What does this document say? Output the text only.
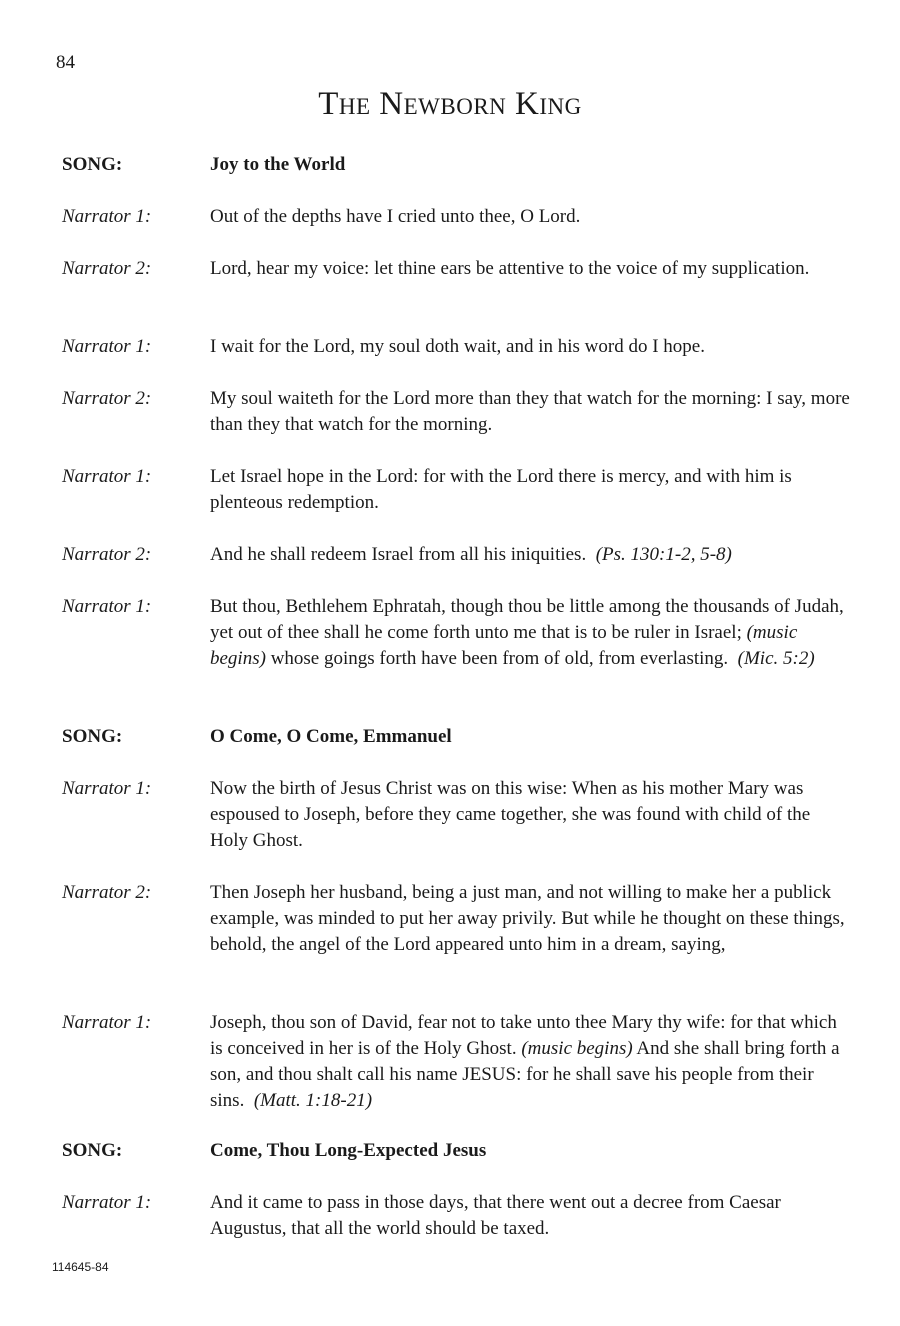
84
The Newborn King
SONG:	Joy to the World
Narrator 1:	Out of the depths have I cried unto thee, O Lord.
Narrator 2:	Lord, hear my voice: let thine ears be attentive to the voice of my supplication.
Narrator 1:	I wait for the Lord, my soul doth wait, and in his word do I hope.
Narrator 2:	My soul waiteth for the Lord more than they that watch for the morning: I say, more than they that watch for the morning.
Narrator 1:	Let Israel hope in the Lord: for with the Lord there is mercy, and with him is plenteous redemption.
Narrator 2:	And he shall redeem Israel from all his iniquities. (Ps. 130:1-2, 5-8)
Narrator 1:	But thou, Bethlehem Ephratah, though thou be little among the thousands of Judah, yet out of thee shall he come forth unto me that is to be ruler in Israel; (music begins) whose goings forth have been from of old, from everlasting. (Mic. 5:2)
SONG:	O Come, O Come, Emmanuel
Narrator 1:	Now the birth of Jesus Christ was on this wise: When as his mother Mary was espoused to Joseph, before they came together, she was found with child of the Holy Ghost.
Narrator 2:	Then Joseph her husband, being a just man, and not willing to make her a publick example, was minded to put her away privily. But while he thought on these things, behold, the angel of the Lord appeared unto him in a dream, saying,
Narrator 1:	Joseph, thou son of David, fear not to take unto thee Mary thy wife: for that which is conceived in her is of the Holy Ghost. (music begins) And she shall bring forth a son, and thou shalt call his name JESUS: for he shall save his people from their sins. (Matt. 1:18-21)
SONG:	Come, Thou Long-Expected Jesus
Narrator 1:	And it came to pass in those days, that there went out a decree from Caesar Augustus, that all the world should be taxed.
114645-84
